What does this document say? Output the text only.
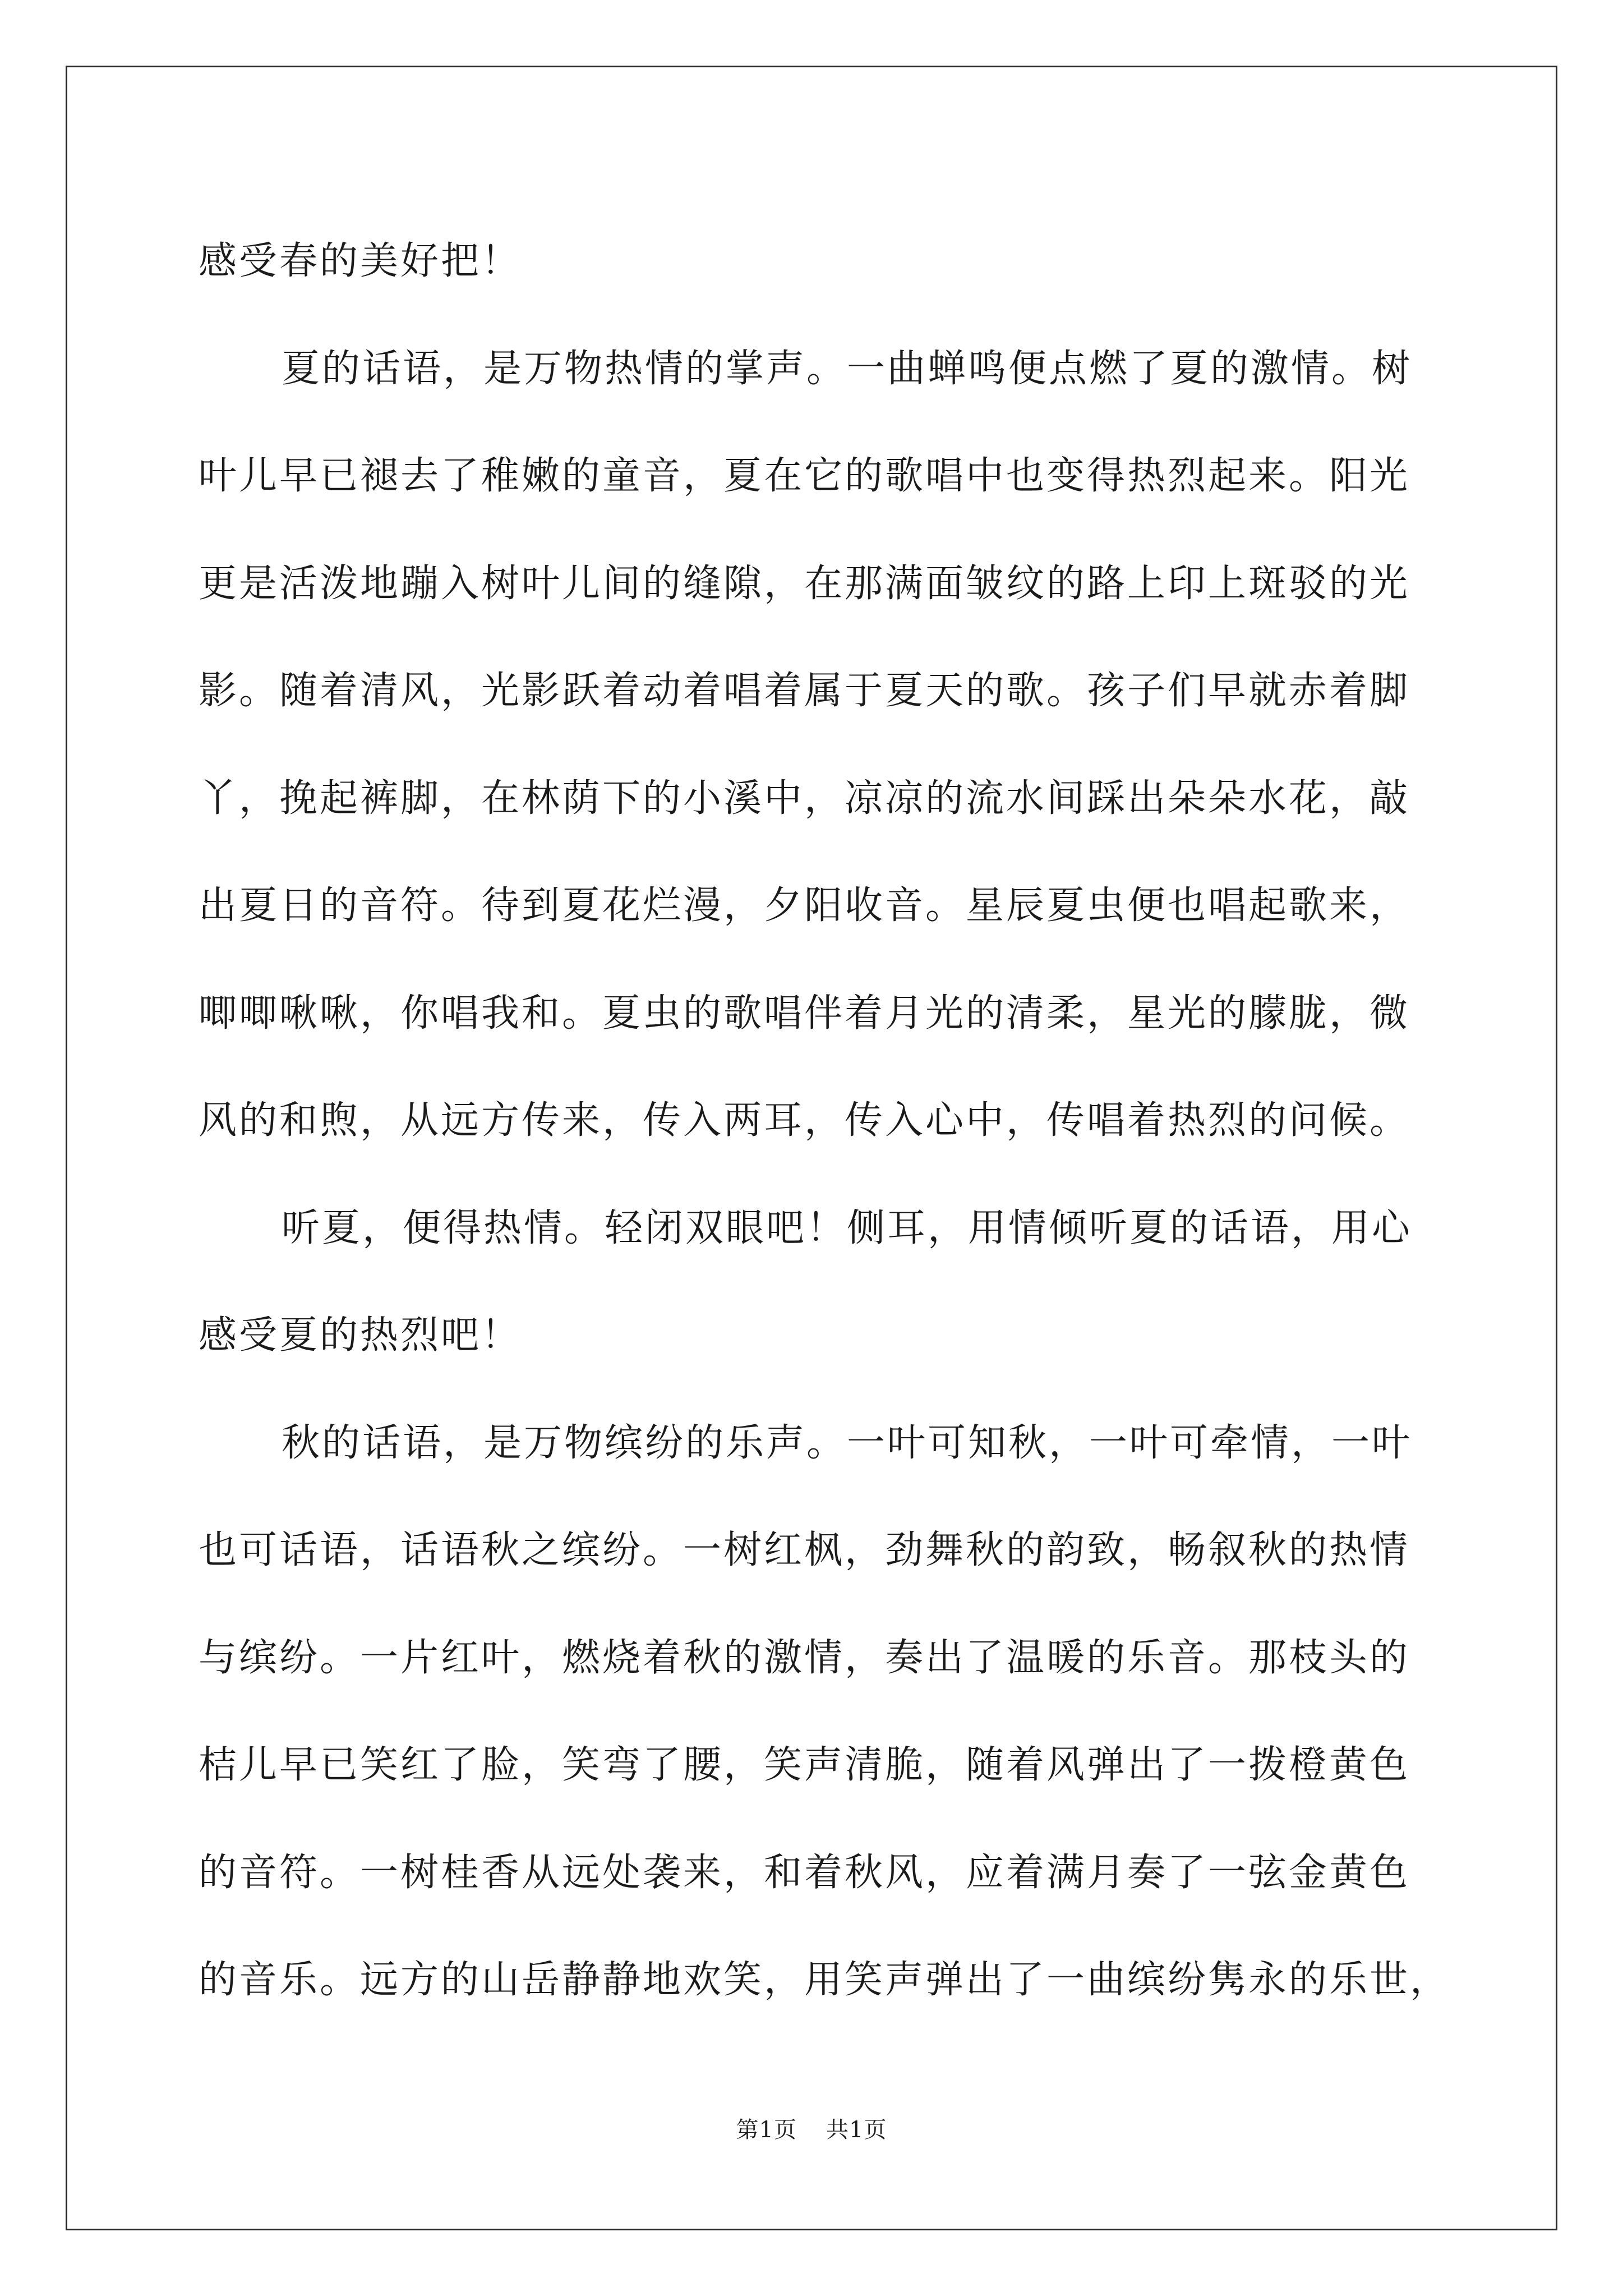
感受春的美好把！
夏的话语，是万物热情的掌声。一曲蝉鸣便点燃了夏的激情。树
叶儿早已褪去了稚嫩的童音，夏在它的歌唱中也变得热烈起来。阳光
更是活泼地蹦入树叶儿间的缝隙，在那满面皱纹的路上印上斑驳的光
影。随着清风，光影跃着动着唱着属于夏天的歌。孩子们早就赤着脚
丫，挽起裤脚，在林荫下的小溪中，凉凉的流水间踩出朵朵水花，敲
出夏日的音符。待到夏花烂漫，夕阳收音。星辰夏虫便也唱起歌来，
唧唧啾啾，你唱我和。夏虫的歌唱伴着月光的清柔，星光的朦胧，微
风的和煦，从远方传来，传入两耳，传入心中，传唱着热烈的问候。
听夏，便得热情。轻闭双眼吧！侧耳，用情倾听夏的话语，用心
感受夏的热烈吧！
秋的话语，是万物缤纷的乐声。一叶可知秋，一叶可牵情，一叶
也可话语，话语秋之缤纷。一树红枫，劲舞秋的韵致，畅叙秋的热情
与缤纷。一片红叶，燃烧着秋的激情，奏出了温暖的乐音。那枝头的
桔儿早已笑红了脸，笑弯了腰，笑声清脆，随着风弹出了一拨橙黄色
的音符。一树桂香从远处袭来，和着秋风，应着满月奏了一弦金黄色
的音乐。远方的山岳静静地欢笑，用笑声弹出了一曲缤纷隽永的乐世，
第1页 共1页
